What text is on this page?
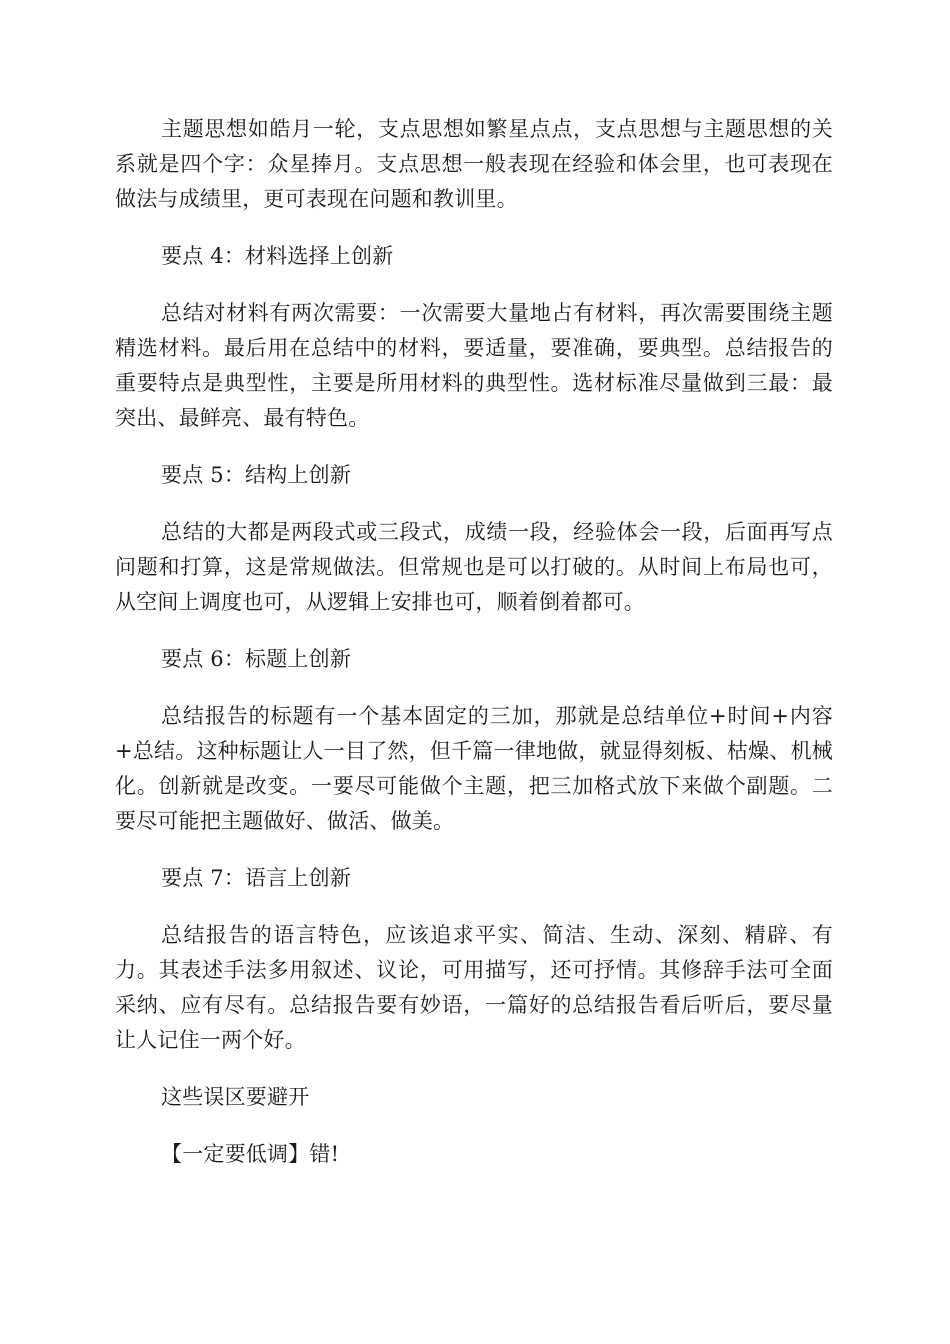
主题思想如皓月一轮，支点思想如繁星点点，支点思想与主题思想的关系就是四个字：众星捧月。支点思想一般表现在经验和体会里，也可表现在做法与成绩里，更可表现在问题和教训里。

要点 4：材料选择上创新

总结对材料有两次需要：一次需要大量地占有材料，再次需要围绕主题精选材料。最后用在总结中的材料，要适量，要准确，要典型。总结报告的重要特点是典型性，主要是所用材料的典型性。选材标准尽量做到三最：最突出、最鲜亮、最有特色。

要点 5：结构上创新

总结的大都是两段式或三段式，成绩一段，经验体会一段，后面再写点问题和打算，这是常规做法。但常规也是可以打破的。从时间上布局也可，从空间上调度也可，从逻辑上安排也可，顺着倒着都可。

要点 6：标题上创新

总结报告的标题有一个基本固定的三加，那就是总结单位+时间+内容+总结。这种标题让人一目了然，但千篇一律地做，就显得刻板、枯燥、机械化。创新就是改变。一要尽可能做个主题，把三加格式放下来做个副题。二要尽可能把主题做好、做活、做美。

要点 7：语言上创新

总结报告的语言特色，应该追求平实、简洁、生动、深刻、精辟、有力。其表述手法多用叙述、议论，可用描写，还可抒情。其修辞手法可全面采纳、应有尽有。总结报告要有妙语，一篇好的总结报告看后听后，要尽量让人记住一两个好。

这些误区要避开

【一定要低调】错!
